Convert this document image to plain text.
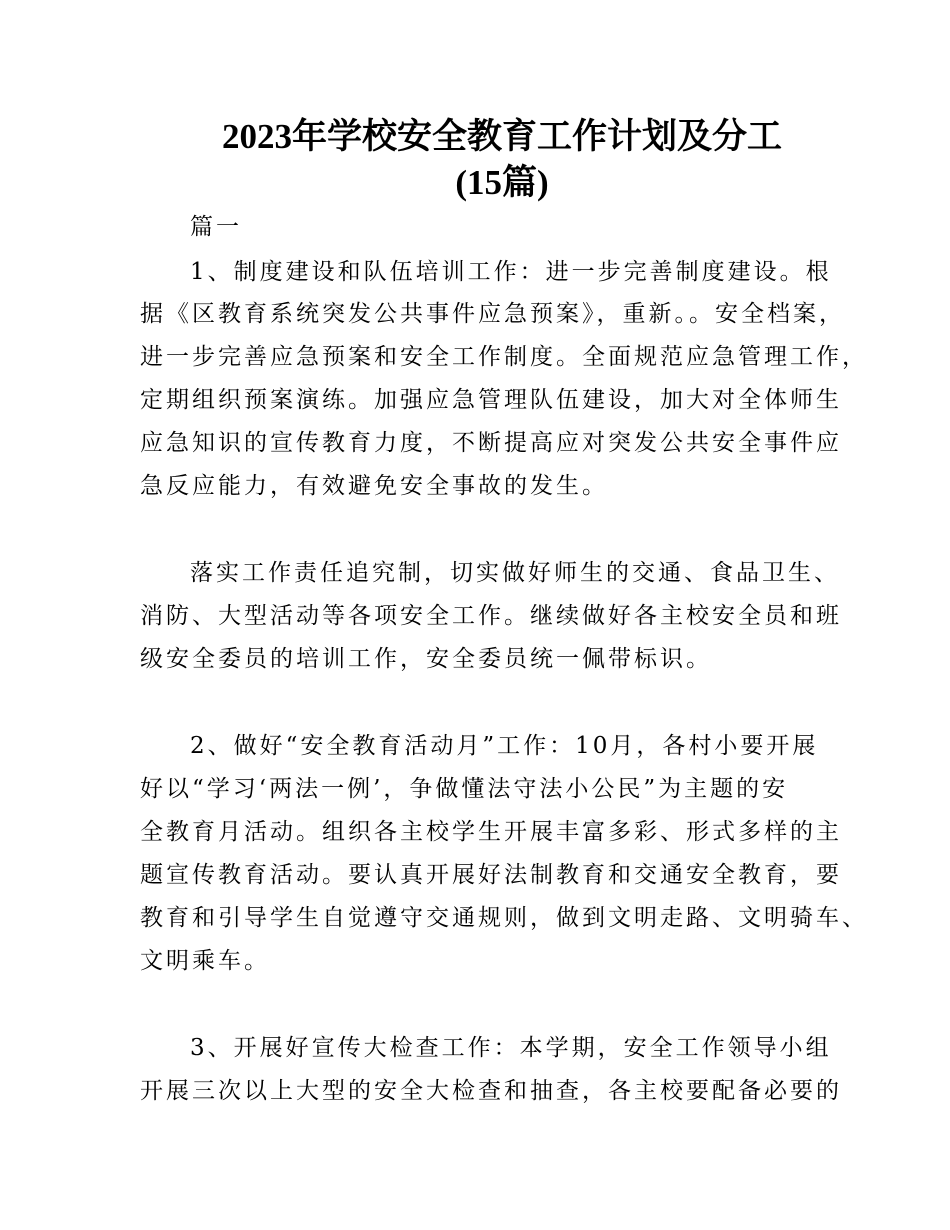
2023年学校安全教育工作计划及分工
(15篇)

篇一

1、制度建设和队伍培训工作：进一步完善制度建设。根

据《区教育系统突发公共事件应急预案》，重新。。安全档案，

进一步完善应急预案和安全工作制度。全面规范应急管理工作，

定期组织预案演练。加强应急管理队伍建设，加大对全体师生

应急知识的宣传教育力度，不断提高应对突发公共安全事件应

急反应能力，有效避免安全事故的发生。

落实工作责任追究制，切实做好师生的交通、食品卫生、

消防、大型活动等各项安全工作。继续做好各主校安全员和班

级安全委员的培训工作，安全委员统一佩带标识。

2、做好“安全教育活动月”工作：10月，各村小要开展

好以“学习‘两法一例’，争做懂法守法小公民”为主题的安

全教育月活动。组织各主校学生开展丰富多彩、形式多样的主

题宣传教育活动。要认真开展好法制教育和交通安全教育，要

教育和引导学生自觉遵守交通规则，做到文明走路、文明骑车、

文明乘车。

3、开展好宣传大检查工作：本学期，安全工作领导小组

开展三次以上大型的安全大检查和抽查，各主校要配备必要的
